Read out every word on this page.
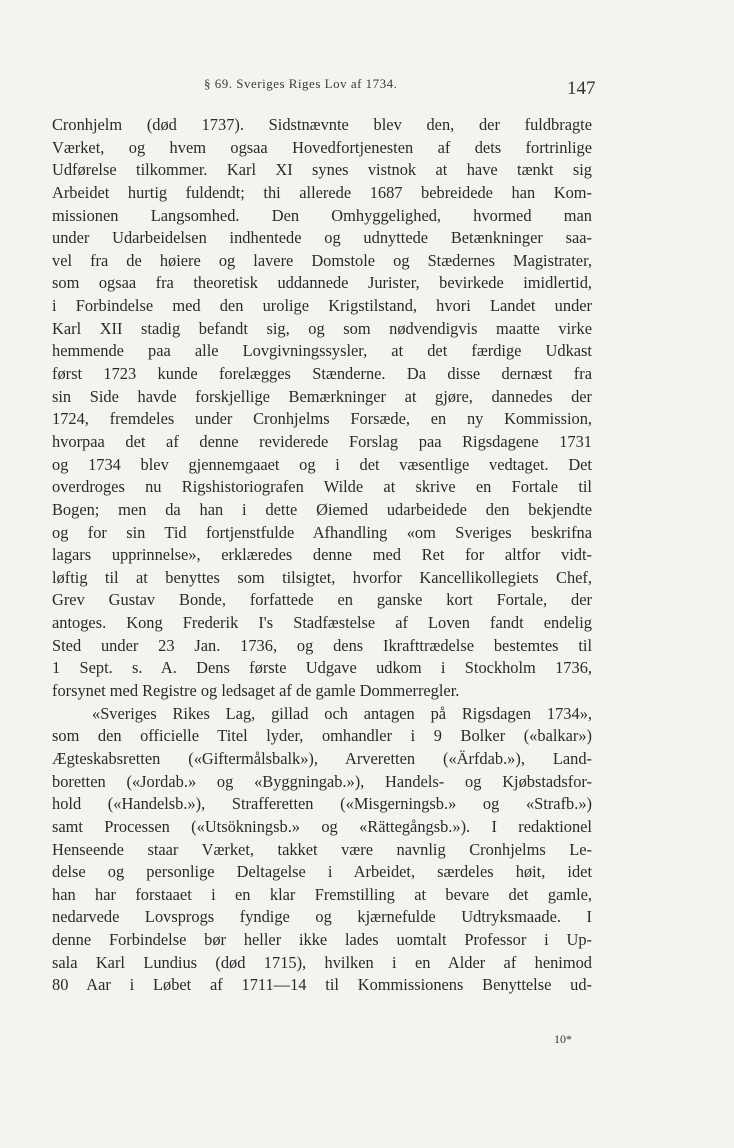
§ 69. Sveriges Riges Lov af 1734.	147
Cronhjelm (død 1737). Sidstnævnte blev den, der fuldbragte
Værket, og hvem ogsaa Hovedfortjenesten af dets fortrinlige
Udførelse tilkommer. Karl XI synes vistnok at have tænkt sig
Arbeidet hurtig fuldendt; thi allerede 1687 bebreidede han Kom-
missionen Langsomhed. Den Omhyggelighed, hvormed man
under Udarbeidelsen indhentede og udnyttede Betænkninger saa-
vel fra de høiere og lavere Domstole og Stædernes Magistrater,
som ogsaa fra theoretisk uddannede Jurister, bevirkede imidlertid,
i Forbindelse med den urolige Krigstilstand, hvori Landet under
Karl XII stadig befandt sig, og som nødvendigvis maatte virke
hemmende paa alle Lovgivningssysler, at det færdige Udkast
først 1723 kunde forelægges Stænderne. Da disse dernæst fra
sin Side havde forskjellige Bemærkninger at gjøre, dannedes der
1724, fremdeles under Cronhjelms Forsæde, en ny Kommission,
hvorpaa det af denne reviderede Forslag paa Rigsdagene 1731
og 1734 blev gjennemgaaet og i det væsentlige vedtaget. Det
overdroges nu Rigshistoriografen Wilde at skrive en Fortale til
Bogen; men da han i dette Øiemed udarbeidede den bekjendte
og for sin Tid fortjenstfulde Afhandling «om Sveriges beskrifna
lagars upprinnelse», erklæredes denne med Ret for altfor vidt-
løftig til at benyttes som tilsigtet, hvorfor Kancellikollegiets Chef,
Grev Gustav Bonde, forfattede en ganske kort Fortale, der
antoges. Kong Frederik I's Stadfæstelse af Loven fandt endelig
Sted under 23 Jan. 1736, og dens Ikrafttrædelse bestemtes til
1 Sept. s. A. Dens første Udgave udkom i Stockholm 1736,
forsynet med Registre og ledsaget af de gamle Dommerregler.
«Sveriges Rikes Lag, gillad och antagen på Rigsdagen 1734»,
som den officielle Titel lyder, omhandler i 9 Bolker («balkar»)
Ægteskabsretten («Giftermålsbalk»), Arveretten («Ärfdab.»), Land-
boretten («Jordab.» og «Byggningab.»), Handels- og Kjøbstadsfor-
hold («Handelsb.»), Strafferetten («Misgerningsb.» og «Strafb.»)
samt Processen («Utsökningsb.» og «Rättegångsb.»). I redaktionel
Henseende staar Værket, takket være navnlig Cronhjelms Le-
delse og personlige Deltagelse i Arbeidet, særdeles høit, idet
han har forstaaet i en klar Fremstilling at bevare det gamle,
nedarvede Lovsprogs fyndige og kjærnefulde Udtryksmaade. I
denne Forbindelse bør heller ikke lades uomtalt Professor i Up-
sala Karl Lundius (død 1715), hvilken i en Alder af henimod
80 Aar i Løbet af 1711—14 til Kommissionens Benyttelse ud-
10*
